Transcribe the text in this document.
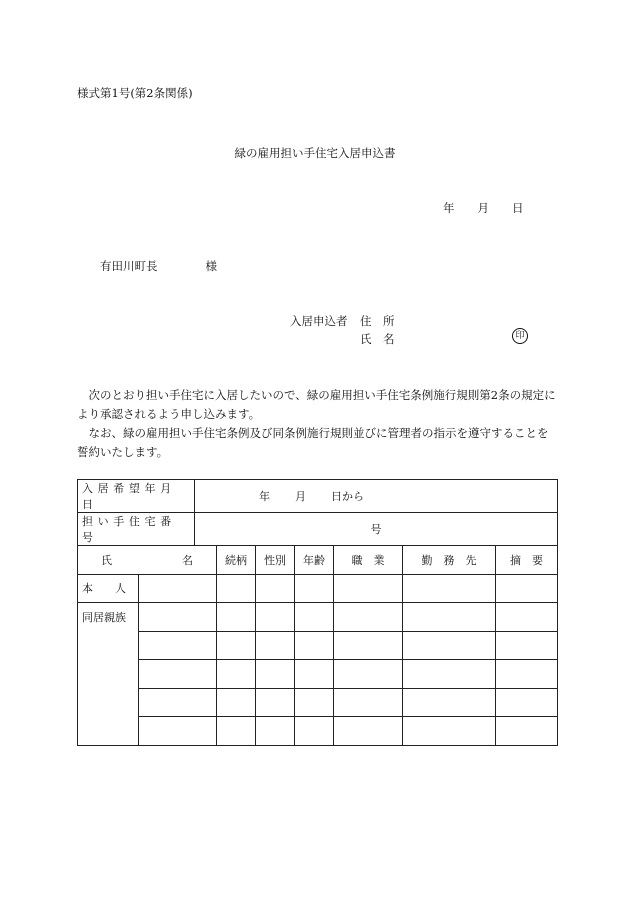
様式第1号(第2条関係)
緑の雇用担い手住宅入居申込書
年 月 日
有田川町長	様
入居申込者 住　所
氏　名	印
次のとおり担い手住宅に入居したいので、緑の雇用担い手住宅条例施行規則第2条の規定により承認されるよう申し込みます。
なお、緑の雇用担い手住宅条例及び同条例施行規則並びに管理者の指示を遵守することを誓約いたします。
入居希望年月日		年 月 日から						
担い手住宅番号		号						
氏 名			続柄	性別	年齢	職　業	勤　務　先	摘　要
本　　人								
同居親族								
